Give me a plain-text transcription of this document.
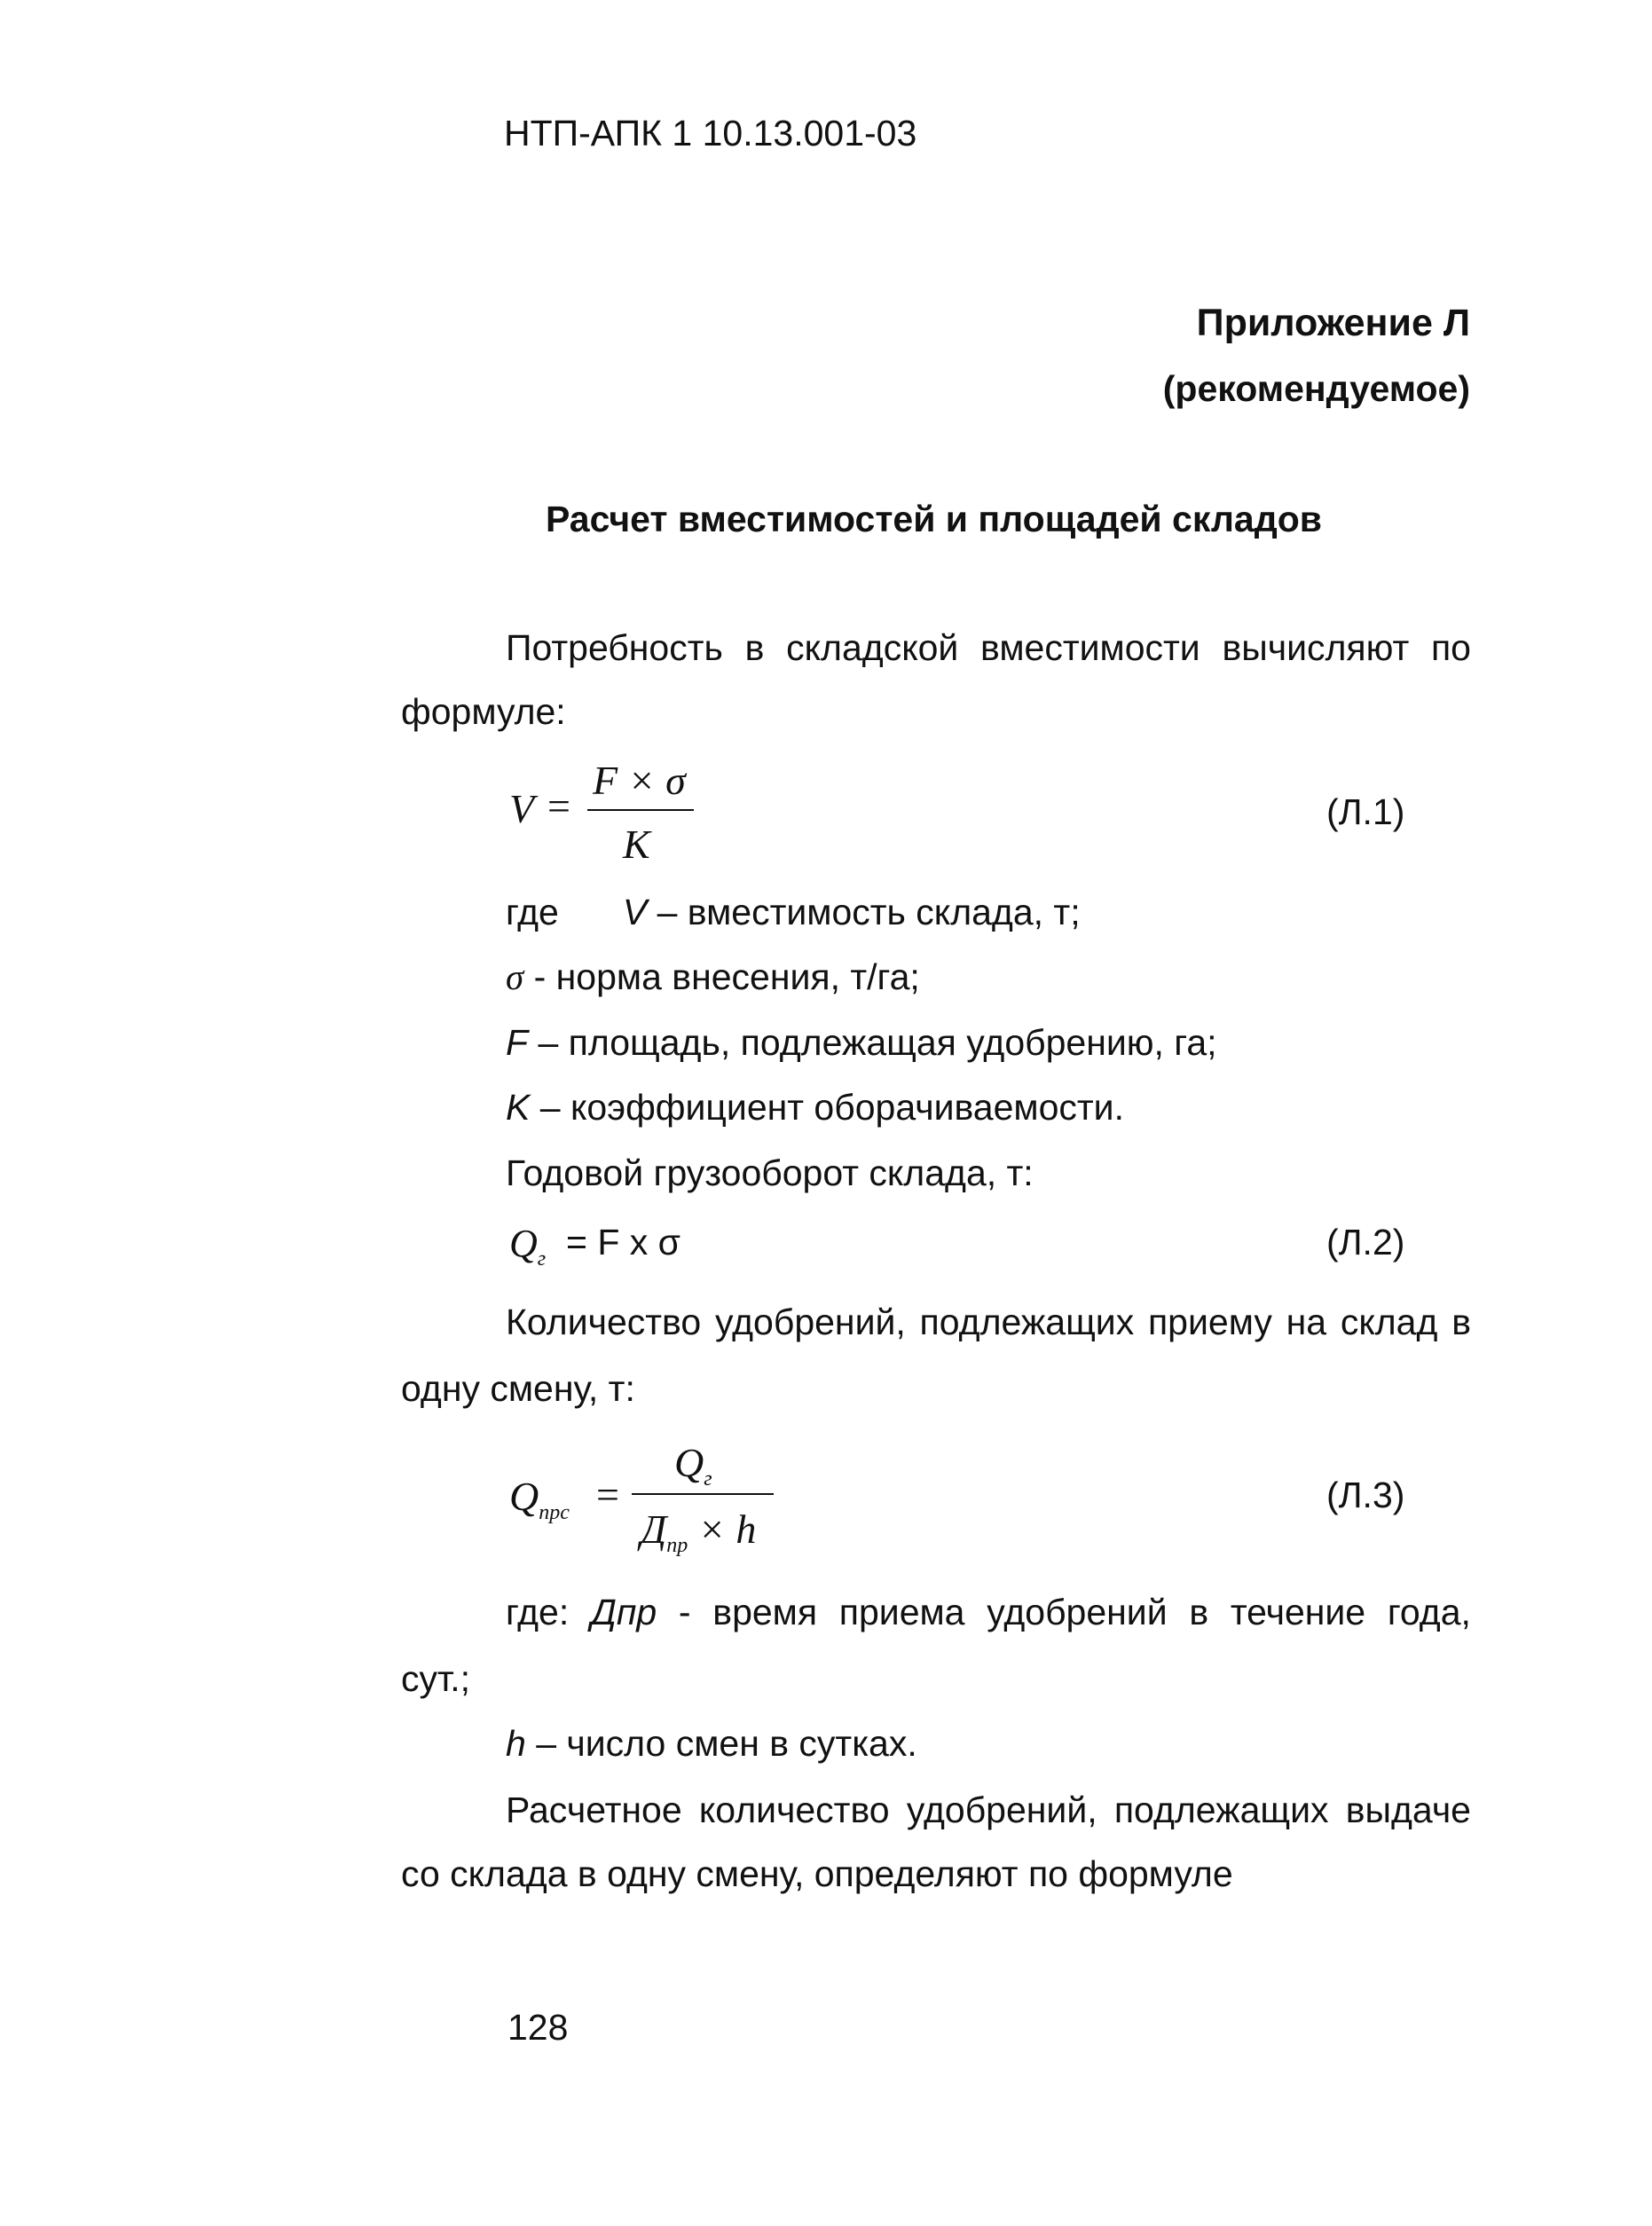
НТП-АПК 1 10.13.001-03
Приложение Л
(рекомендуемое)
Расчет вместимостей и площадей складов
Потребность в складской вместимости вычисляют по
формуле:
V =
F × σ
K
(Л.1)
где V – вместимость склада, т;
σ - норма внесения, т/га;
F – площадь, подлежащая удобрению, га;
K – коэффициент оборачиваемости.
Годовой грузооборот склада, т:
$Q_г = F$ x σ	(Л.2)
Количество удобрений, подлежащих приему на склад в
одну смену, т:
$Q_{прс}$ =
$Q_г$
$Д_{пр} \times h$
(Л.3)
где: Дпр - время приема удобрений в течение года,
сут.;
h – число смен в сутках.
Расчетное количество удобрений, подлежащих выдаче
со склада в одну смену, определяют по формуле
128
